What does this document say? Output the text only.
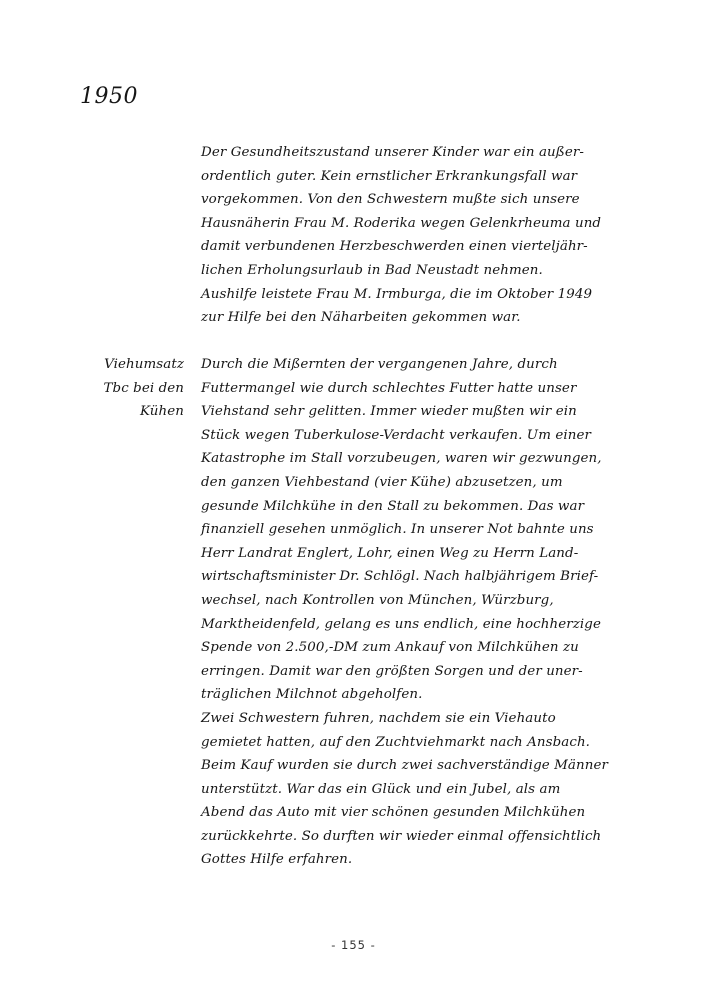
1950
Der Gesundheitszustand unserer Kinder war ein außer-
ordentlich guter. Kein ernstlicher Erkrankungsfall war
vorgekommen. Von den Schwestern mußte sich unsere
Hausnäherin Frau M. Roderika wegen Gelenkrheuma und
damit verbundenen Herzbeschwerden einen vierteljähr-
lichen Erholungsurlaub in Bad Neustadt nehmen.
Aushilfe leistete Frau M. Irmburga, die im Oktober 1949
zur Hilfe bei den Näharbeiten gekommen war.
Viehumsatz
Tbc bei den
Kühen
Durch die Mißernten der vergangenen Jahre, durch
Futtermangel wie durch schlechtes Futter hatte unser
Viehstand sehr gelitten. Immer wieder mußten wir ein
Stück wegen Tuberkulose-Verdacht verkaufen. Um einer
Katastrophe im Stall vorzubeugen, waren wir gezwungen,
den ganzen Viehbestand (vier Kühe) abzusetzen, um
gesunde Milchkühe in den Stall zu bekommen. Das war
finanziell gesehen unmöglich. In unserer Not bahnte uns
Herr Landrat Englert, Lohr, einen Weg zu Herrn Land-
wirtschaftsminister Dr. Schlögl. Nach halbjährigem Brief-
wechsel, nach Kontrollen von München, Würzburg,
Marktheidenfeld, gelang es uns endlich, eine hochherzige
Spende von 2.500,-DM zum Ankauf von Milchkühen zu
erringen. Damit war den größten Sorgen und der uner-
träglichen Milchnot abgeholfen.
Zwei Schwestern fuhren, nachdem sie ein Viehauto
gemietet hatten, auf den Zuchtviehmarkt nach Ansbach.
Beim Kauf wurden sie durch zwei sachverständige Männer
unterstützt. War das ein Glück und ein Jubel, als am
Abend das Auto mit vier schönen gesunden Milchkühen
zurückkehrte. So durften wir wieder einmal offensichtlich
Gottes Hilfe erfahren.
- 155 -
